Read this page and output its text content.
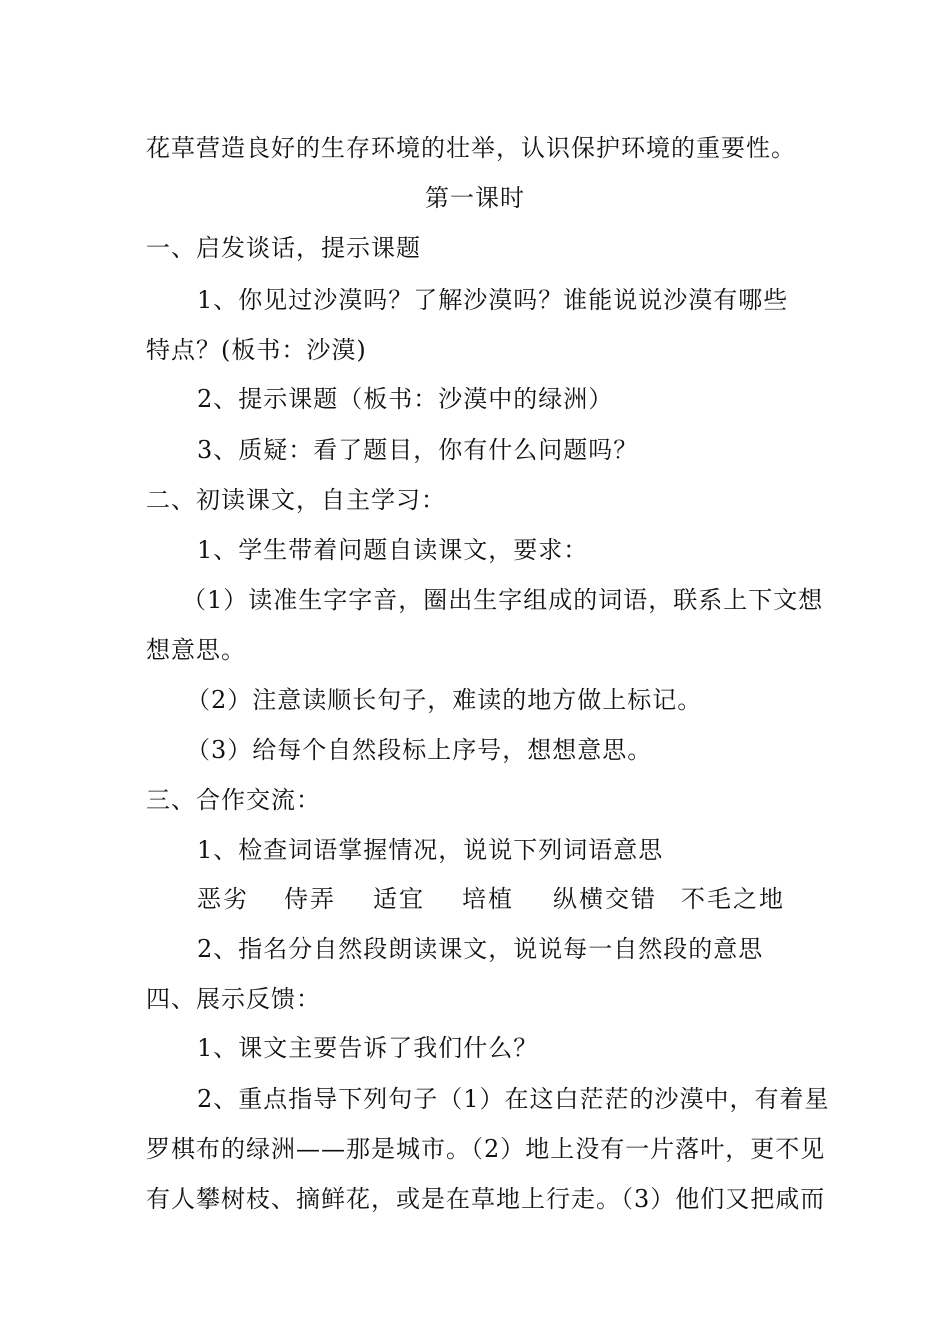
花草营造良好的生存环境的壮举，认识保护环境的重要性。
第一课时
一、启发谈话，提示课题
1、你见过沙漠吗？了解沙漠吗？谁能说说沙漠有哪些
特点？(板书：沙漠)
2、提示课题（板书：沙漠中的绿洲）
3、质疑：看了题目，你有什么问题吗？
二、初读课文，自主学习：
1、学生带着问题自读课文，要求：
（1）读准生字字音，圈出生字组成的词语，联系上下文想
想意思。
（2）注意读顺长句子，难读的地方做上标记。
（3）给每个自然段标上序号，想想意思。
三、合作交流：
1、检查词语掌握情况，说说下列词语意思
恶劣 侍弄 适宜 培植 纵横交错 不毛之地
2、指名分自然段朗读课文，说说每一自然段的意思
四、展示反馈：
1、课文主要告诉了我们什么？
2、重点指导下列句子（1）在这白茫茫的沙漠中，有着星
罗棋布的绿洲——那是城市。（2）地上没有一片落叶，更不见
有人攀树枝、摘鲜花，或是在草地上行走。（3）他们又把咸而
